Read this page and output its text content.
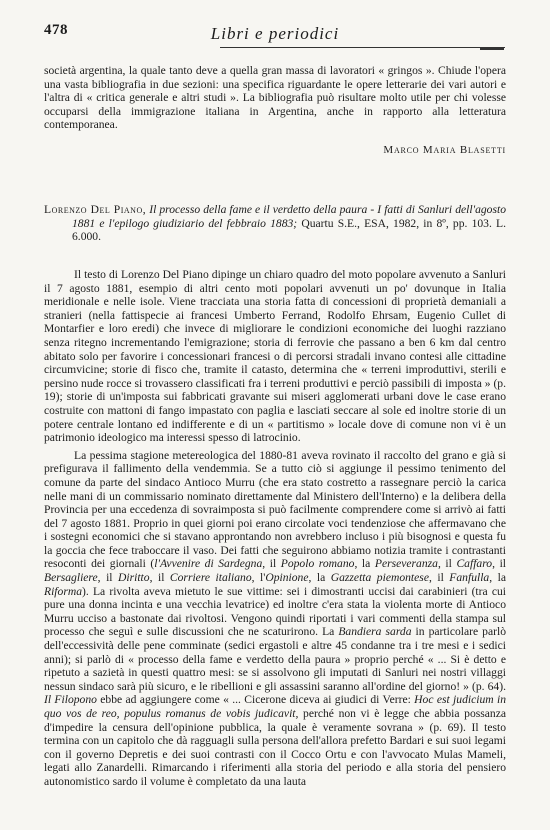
478	Libri e periodici

società argentina, la quale tanto deve a quella gran massa di lavoratori « gringos ». Chiude l'opera una vasta bibliografia in due sezioni: una specifica riguardante le opere letterarie dei vari autori e l'altra di « critica generale e altri studi ». La bibliografia può risultare molto utile per chi volesse occuparsi della immigrazione italiana in Argentina, anche in rapporto alla letteratura contemporanea.

Marco Maria Blasetti
Lorenzo Del Piano, Il processo della fame e il verdetto della paura - I fatti di Sanluri dell'agosto 1881 e l'epilogo giudiziario del febbraio 1883; Quartu S.E., ESA, 1982, in 8º, pp. 103. L. 6.000.

Il testo di Lorenzo Del Piano dipinge un chiaro quadro del moto popolare avvenuto a Sanluri il 7 agosto 1881, esempio di altri cento moti popolari avvenuti un po' dovunque in Italia meridionale e nelle isole. Viene tracciata una storia fatta di concessioni di proprietà demaniali a stranieri (nella fattispecie ai francesi Umberto Ferrand, Rodolfo Ehrsam, Eugenio Cullet di Montarfier e loro eredi) che invece di migliorare le condizioni economiche dei luoghi razziano senza ritegno incrementando l'emigrazione; storia di ferrovie che passano a ben 6 km dal centro abitato solo per favorire i concessionari francesi o di percorsi stradali invano contesi alle cittadine circumvicine; storie di fisco che, tramite il catasto, determina che « terreni improduttivi, sterili e persino nude rocce si trovassero classificati fra i terreni produttivi e perciò passibili di imposta » (p. 19); storie di un'imposta sui fabbricati gravante sui miseri agglomerati urbani dove le case erano costruite con mattoni di fango impastato con paglia e lasciati seccare al sole ed inoltre storie di un potere centrale lontano ed indifferente e di un « partitismo » locale dove di comune non vi è un patrimonio ideologico ma interessi spesso di latrocinio.

La pessima stagione metereologica del 1880-81 aveva rovinato il raccolto del grano e già si prefigurava il fallimento della vendemmia. Se a tutto ciò si aggiunge il pessimo tenimento del comune da parte del sindaco Antioco Murru (che era stato costretto a rassegnare perciò la carica nelle mani di un commissario nominato direttamente dal Ministero dell'Interno) e la delibera della Provincia per una eccedenza di sovraimposta si può facilmente comprendere come si arrivò ai fatti del 7 agosto 1881. Proprio in quei giorni poi erano circolate voci tendenziose che affermavano che i sostegni economici che si stavano approntando non avrebbero incluso i più bisognosi e questa fu la goccia che fece traboccare il vaso. Dei fatti che seguirono abbiamo notizia tramite i contrastanti resoconti dei giornali (l'Avvenire di Sardegna, il Popolo romano, la Perseveranza, il Caffaro, il Bersagliere, il Diritto, il Corriere italiano, l'Opinione, la Gazzetta piemontese, il Fanfulla, la Riforma). La rivolta aveva mietuto le sue vittime: sei i dimostranti uccisi dai carabinieri (tra cui pure una donna incinta e una vecchia levatrice) ed inoltre c'era stata la violenta morte di Antioco Murru ucciso a bastonate dai rivoltosi. Vengono quindi riportati i vari commenti della stampa sul processo che seguì e sulle discussioni che ne scaturirono. La Bandiera sarda in particolare parlò dell'eccessività delle pene comminate (sedici ergastoli e altre 45 condanne tra i tre mesi e i sedici anni); si parlò di « processo della fame e verdetto della paura » proprio perché « ... Si è detto e ripetuto a sazietà in questi quattro mesi: se si assolvono gli imputati di Sanluri nei nostri villaggi nessun sindaco sarà più sicuro, e le ribellioni e gli assassini saranno all'ordine del giorno! » (p. 64). Il Filopono ebbe ad aggiungere come « ... Cicerone diceva ai giudici di Verre: Hoc est judicium in quo vos de reo, populus romanus de vobis judicavit, perché non vi è legge che abbia possanza d'impedire la censura dell'opinione pubblica, la quale è veramente sovrana » (p. 69). Il testo termina con un capitolo che dà ragguagli sulla persona dell'allora prefetto Bardari e sui suoi legami con il governo Depretis e dei suoi contrasti con il Cocco Ortu e con l'avvocato Mulas Mameli, legati allo Zanardelli. Rimarcando i riferimenti alla storia del periodo e alla storia del pensiero autonomistico sardo il volume è completato da una lauta
